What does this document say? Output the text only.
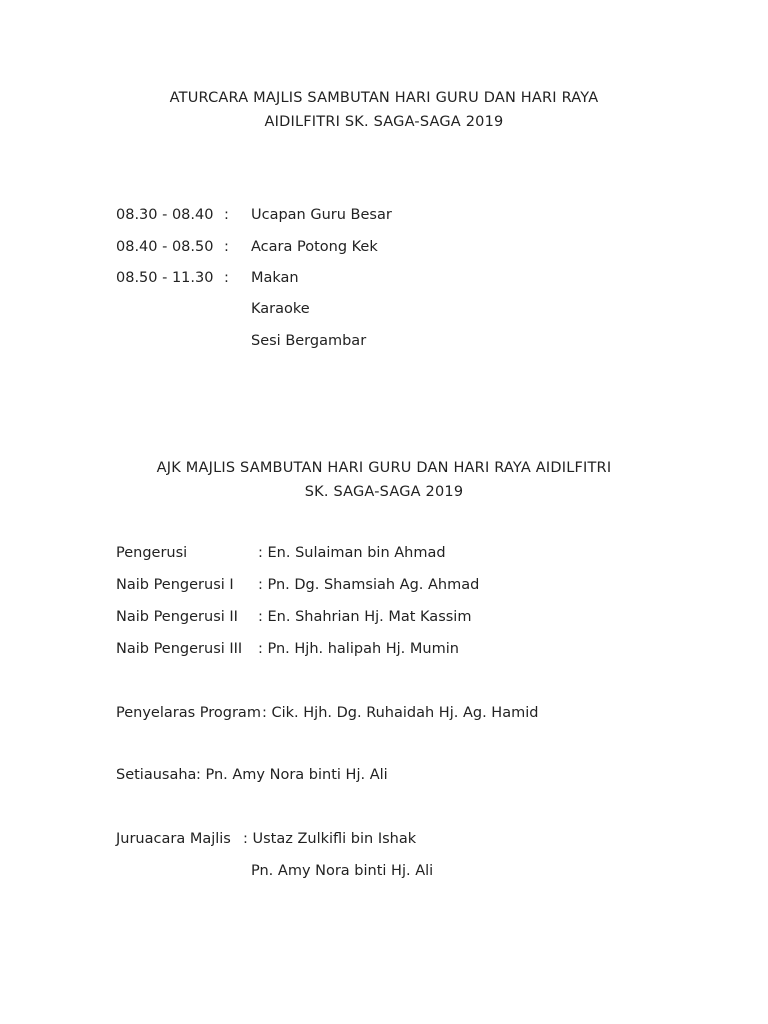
ATURCARA MAJLIS SAMBUTAN HARI GURU DAN HARI RAYA
AIDILFITRI SK. SAGA-SAGA 2019
08.30 - 08.40 : Ucapan Guru Besar
08.40 - 08.50 : Acara Potong Kek
08.50 - 11.30 : Makan
Karaoke
Sesi Bergambar
AJK MAJLIS SAMBUTAN HARI GURU DAN HARI RAYA AIDILFITRI
SK. SAGA-SAGA 2019
Pengerusi	: En. Sulaiman bin Ahmad
Naib Pengerusi I : Pn. Dg. Shamsiah Ag. Ahmad
Naib Pengerusi II : En. Shahrian Hj. Mat Kassim
Naib Pengerusi III : Pn. Hjh. halipah Hj. Mumin
Penyelaras Program : Cik. Hjh. Dg. Ruhaidah Hj. Ag. Hamid
Setiausaha : Pn. Amy Nora binti Hj. Ali
Juruacara Majlis : Ustaz Zulkifli bin Ishak
Pn. Amy Nora binti Hj. Ali
